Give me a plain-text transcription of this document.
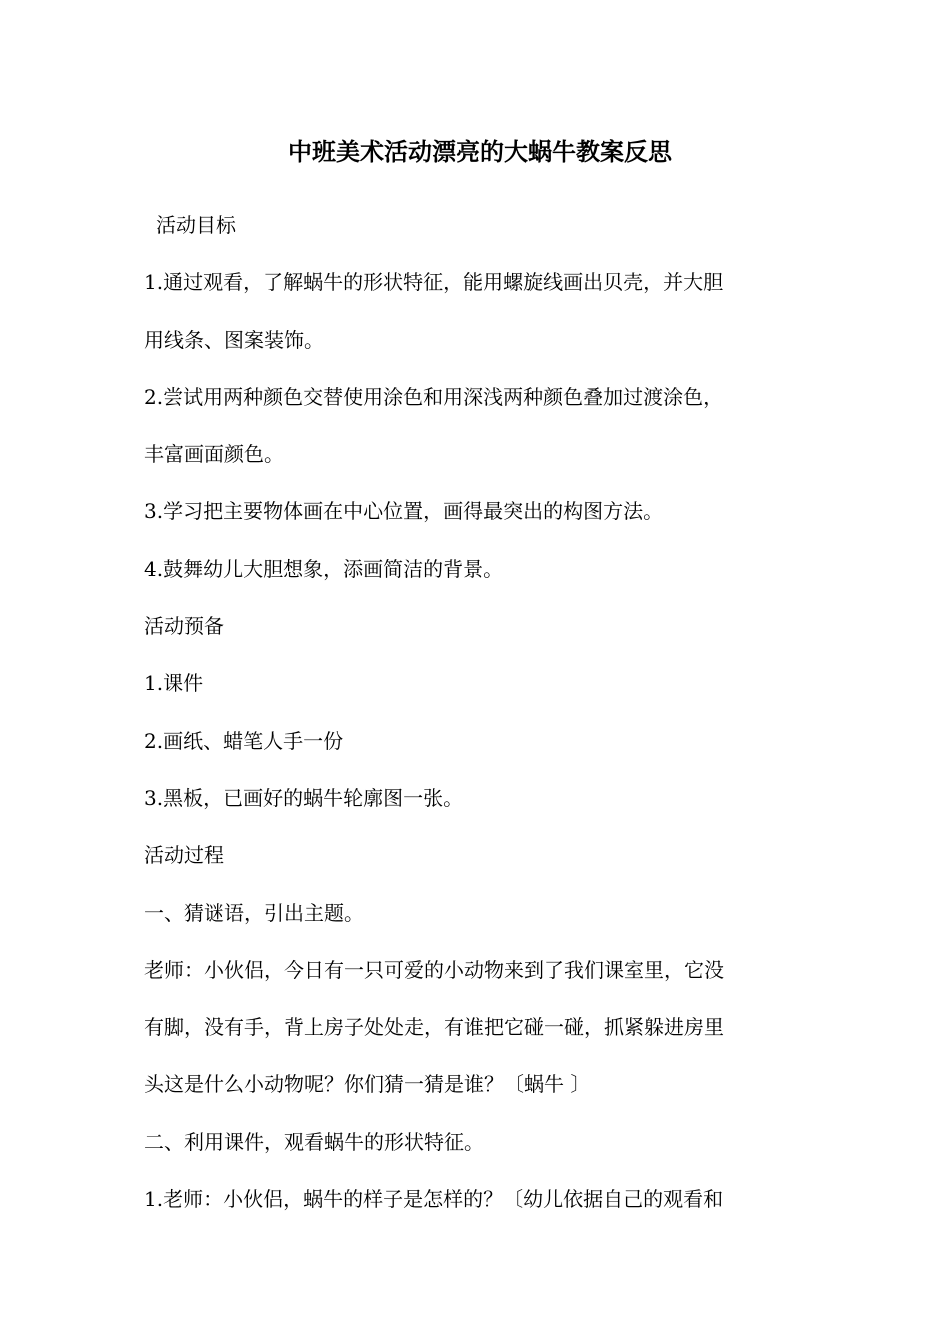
中班美术活动漂亮的大蜗牛教案反思

活动目标

1.通过观看，了解蜗牛的形状特征，能用螺旋线画出贝壳，并大胆

用线条、图案装饰。

2.尝试用两种颜色交替使用涂色和用深浅两种颜色叠加过渡涂色，

丰富画面颜色。

3.学习把主要物体画在中心位置，画得最突出的构图方法。

4.鼓舞幼儿大胆想象，添画简洁的背景。

活动预备

1.课件

2.画纸、蜡笔人手一份

3.黑板，已画好的蜗牛轮廓图一张。

活动过程

一、猜谜语，引出主题。

老师：小伙侣，今日有一只可爱的小动物来到了我们课室里，它没

有脚，没有手，背上房子处处走，有谁把它碰一碰，抓紧躲进房里

头这是什么小动物呢？你们猜一猜是谁？〔蜗牛 〕

二、利用课件，观看蜗牛的形状特征。

1.老师：小伙侣，蜗牛的样子是怎样的？〔幼儿依据自己的观看和
